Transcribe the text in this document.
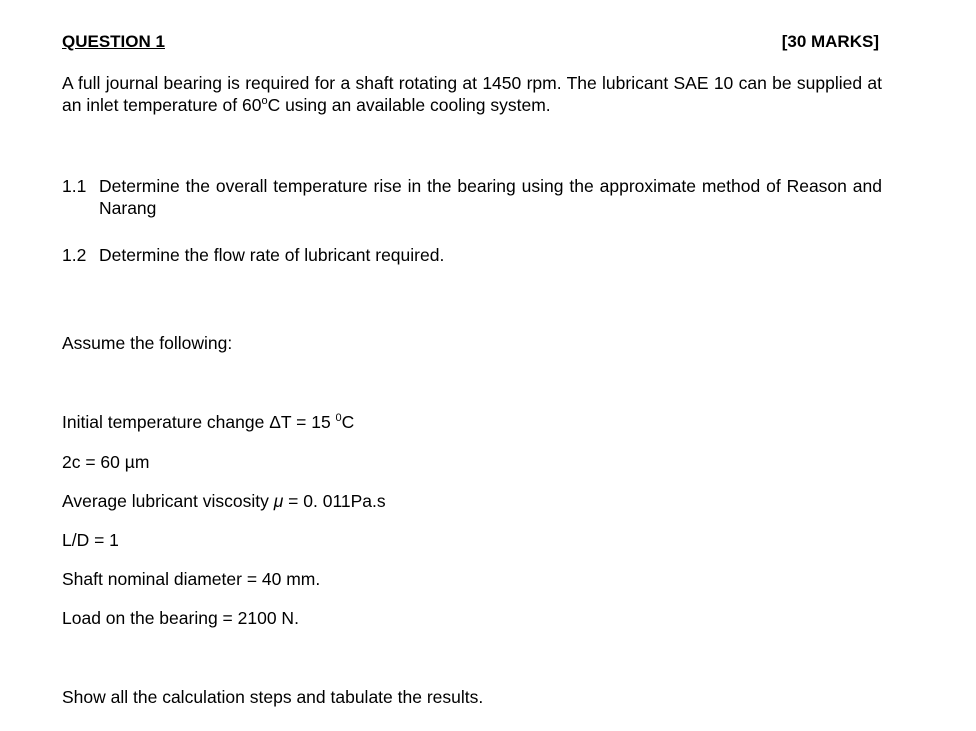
QUESTION 1	[30 MARKS]
A full journal bearing is required for a shaft rotating at 1450 rpm. The lubricant SAE 10 can be supplied at an inlet temperature of 60$^o$C using an available cooling system.
1.1 Determine the overall temperature rise in the bearing using the approximate method of Reason and Narang
1.2 Determine the flow rate of lubricant required.
Assume the following:
Initial temperature change ΔT = 15 $^0$C
2c = 60 µm
Average lubricant viscosity μ = 0. 011Pa.s
L/D = 1
Shaft nominal diameter = 40 mm.
Load on the bearing = 2100 N.
Show all the calculation steps and tabulate the results.
